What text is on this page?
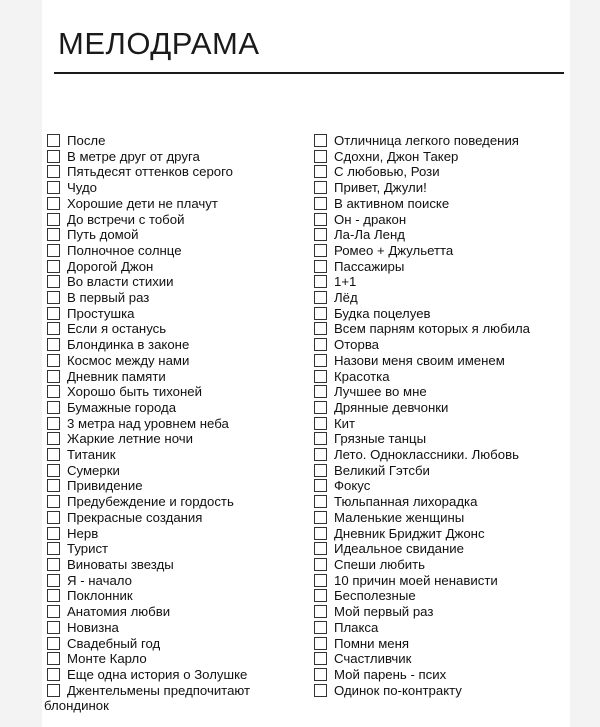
МЕЛОДРАМА
После
В метре друг от друга
Пятьдесят оттенков серого
Чудо
Хорошие дети не плачут
До встречи с тобой
Путь домой
Полночное солнце
Дорогой Джон
Во власти стихии
В первый раз
Простушка
Если я останусь
Блондинка в законе
Космос между нами
Дневник памяти
Хорошо быть тихоней
Бумажные города
3 метра над уровнем неба
Жаркие летние ночи
Титаник
Сумерки
Привидение
Предубеждение и гордость
Прекрасные создания
Нерв
Турист
Виноваты звезды
Я - начало
Поклонник
Анатомия любви
Новизна
Свадебный год
Монте Карло
Еще одна история о Золушке
Джентельмены предпочитают
блондинок
Отличница легкого поведения
Сдохни, Джон Такер
С любовью, Рози
Привет, Джули!
В активном поиске
Он - дракон
Ла-Ла Ленд
Ромео + Джульетта
Пассажиры
1+1
Лёд
Будка поцелуев
Всем парням которых я любила
Оторва
Назови меня своим именем
Красотка
Лучшее во мне
Дрянные девчонки
Кит
Грязные танцы
Лето. Одноклассники. Любовь
Великий Гэтсби
Фокус
Тюльпанная лихорадка
Маленькие женщины
Дневник Бриджит Джонс
Идеальное свидание
Спеши любить
10 причин моей ненависти
Бесполезные
Мой первый раз
Плакса
Помни меня
Счастливчик
Мой парень - псих
Одинок по-контракту
